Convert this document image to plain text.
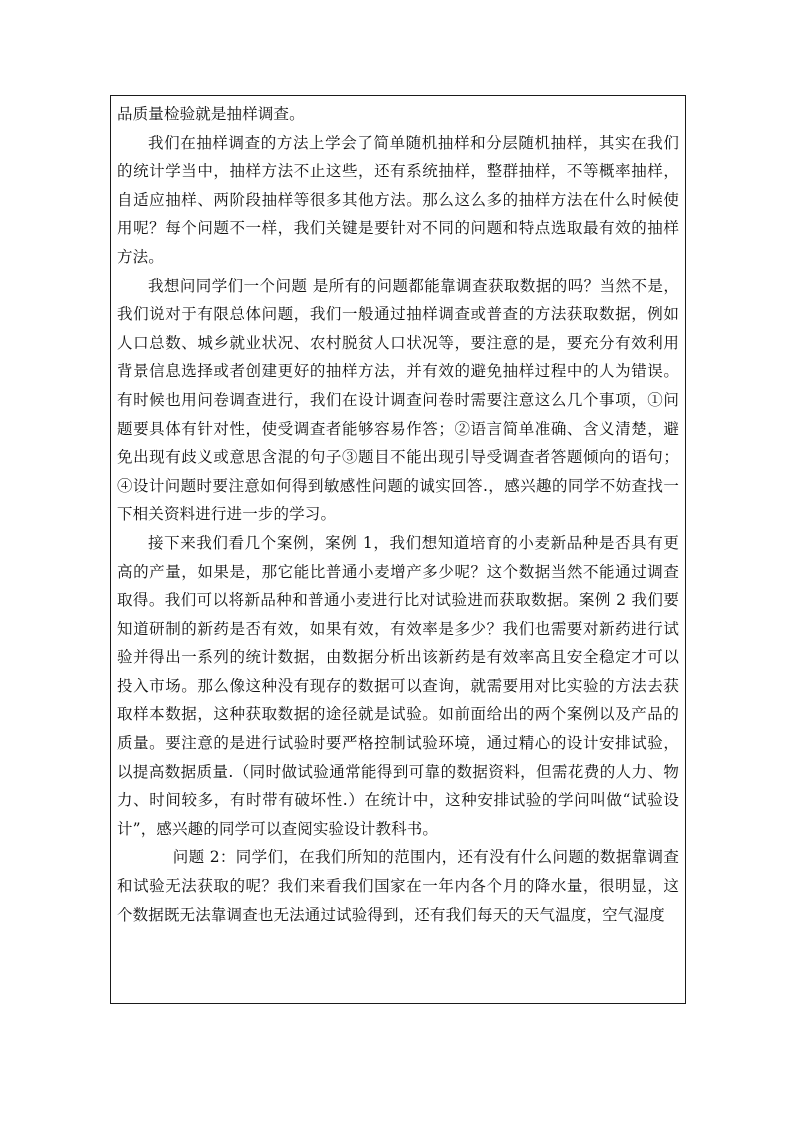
品质量检验就是抽样调查。

我们在抽样调查的方法上学会了简单随机抽样和分层随机抽样，其实在我们的统计学当中，抽样方法不止这些，还有系统抽样，整群抽样，不等概率抽样，自适应抽样、两阶段抽样等很多其他方法。那么这么多的抽样方法在什么时候使用呢？每个问题不一样，我们关键是要针对不同的问题和特点选取最有效的抽样方法。

我想问同学们一个问题 是所有的问题都能靠调查获取数据的吗？当然不是，我们说对于有限总体问题，我们一般通过抽样调查或普查的方法获取数据，例如人口总数、城乡就业状况、农村脱贫人口状况等，要注意的是，要充分有效利用背景信息选择或者创建更好的抽样方法，并有效的避免抽样过程中的人为错误。有时候也用问卷调查进行，我们在设计调查问卷时需要注意这么几个事项，①问题要具体有针对性，使受调查者能够容易作答；②语言简单准确、含义清楚，避免出现有歧义或意思含混的句子③题目不能出现引导受调查者答题倾向的语句；④设计问题时要注意如何得到敏感性问题的诚实回答.，感兴趣的同学不妨查找一下相关资料进行进一步的学习。

接下来我们看几个案例，案例 1，我们想知道培育的小麦新品种是否具有更高的产量，如果是，那它能比普通小麦增产多少呢？这个数据当然不能通过调查取得。我们可以将新品种和普通小麦进行比对试验进而获取数据。案例 2 我们要知道研制的新药是否有效，如果有效，有效率是多少？我们也需要对新药进行试验并得出一系列的统计数据，由数据分析出该新药是有效率高且安全稳定才可以投入市场。那么像这种没有现存的数据可以查询，就需要用对比实验的方法去获取样本数据，这种获取数据的途径就是试验。如前面给出的两个案例以及产品的质量。要注意的是进行试验时要严格控制试验环境，通过精心的设计安排试验，以提高数据质量.（同时做试验通常能得到可靠的数据资料，但需花费的人力、物力、时间较多，有时带有破坏性.）在统计中，这种安排试验的学问叫做“试验设计”，感兴趣的同学可以查阅实验设计教科书。

问题 2：同学们，在我们所知的范围内，还有没有什么问题的数据靠调查和试验无法获取的呢？我们来看我们国家在一年内各个月的降水量，很明显，这个数据既无法靠调查也无法通过试验得到，还有我们每天的天气温度，空气湿度
